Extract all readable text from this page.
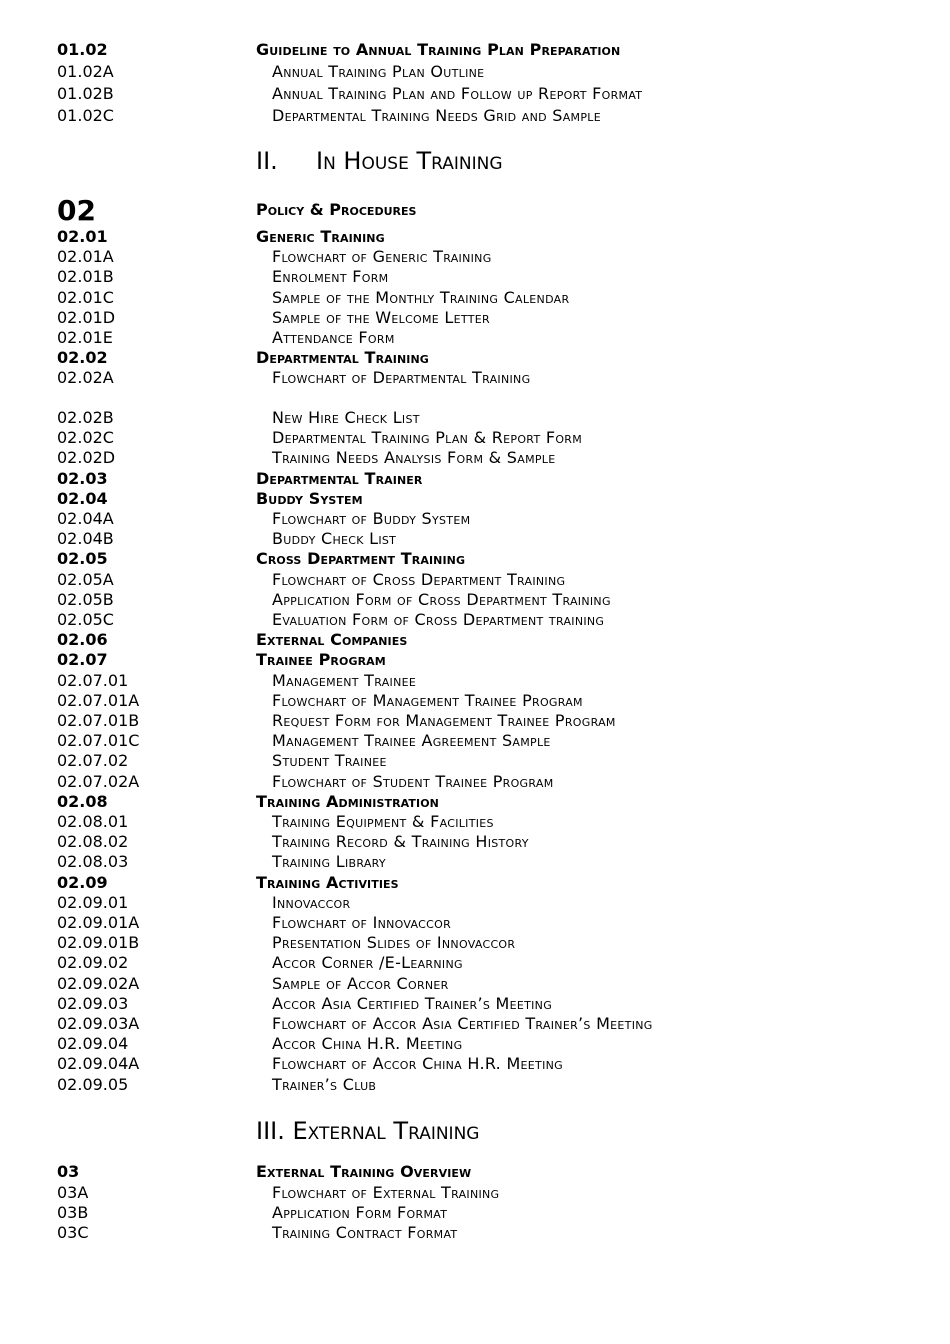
01.02	Guideline to Annual Training Plan Preparation
01.02A	Annual Training Plan Outline
01.02B	Annual Training Plan and Follow up Report Format
01.02C	Departmental Training Needs Grid and Sample
II. In House Training
02	Policy & Procedures
02.01	Generic Training
02.01A	Flowchart of Generic Training
02.01B	Enrolment Form
02.01C	Sample of the Monthly Training Calendar
02.01D	Sample of the Welcome Letter
02.01E	Attendance Form
02.02	Departmental Training
02.02A	Flowchart of Departmental Training
02.02B	New Hire Check List
02.02C	Departmental Training Plan & Report Form
02.02D	Training Needs Analysis Form & Sample
02.03	Departmental Trainer
02.04	Buddy System
02.04A	Flowchart of Buddy System
02.04B	Buddy Check List
02.05	Cross Department Training
02.05A	Flowchart of Cross Department Training
02.05B	Application Form of Cross Department Training
02.05C	Evaluation Form of Cross Department training
02.06	External Companies
02.07	Trainee Program
02.07.01	Management Trainee
02.07.01A	Flowchart of Management Trainee Program
02.07.01B	Request Form for Management Trainee Program
02.07.01C	Management Trainee Agreement Sample
02.07.02	Student Trainee
02.07.02A	Flowchart of Student Trainee Program
02.08	Training Administration
02.08.01	Training Equipment & Facilities
02.08.02	Training Record & Training History
02.08.03	Training Library
02.09	Training Activities
02.09.01	Innovaccor
02.09.01A	Flowchart of Innovaccor
02.09.01B	Presentation Slides of Innovaccor
02.09.02	Accor Corner /E-Learning
02.09.02A	Sample of Accor Corner
02.09.03	Accor Asia Certified Trainer’s Meeting
02.09.03A	Flowchart of Accor Asia Certified Trainer’s Meeting
02.09.04	Accor China H.R. Meeting
02.09.04A	Flowchart of Accor China H.R. Meeting
02.09.05	Trainer’s Club
III. External Training
03	External Training Overview
03A	Flowchart of External Training
03B	Application Form Format
03C	Training Contract Format
